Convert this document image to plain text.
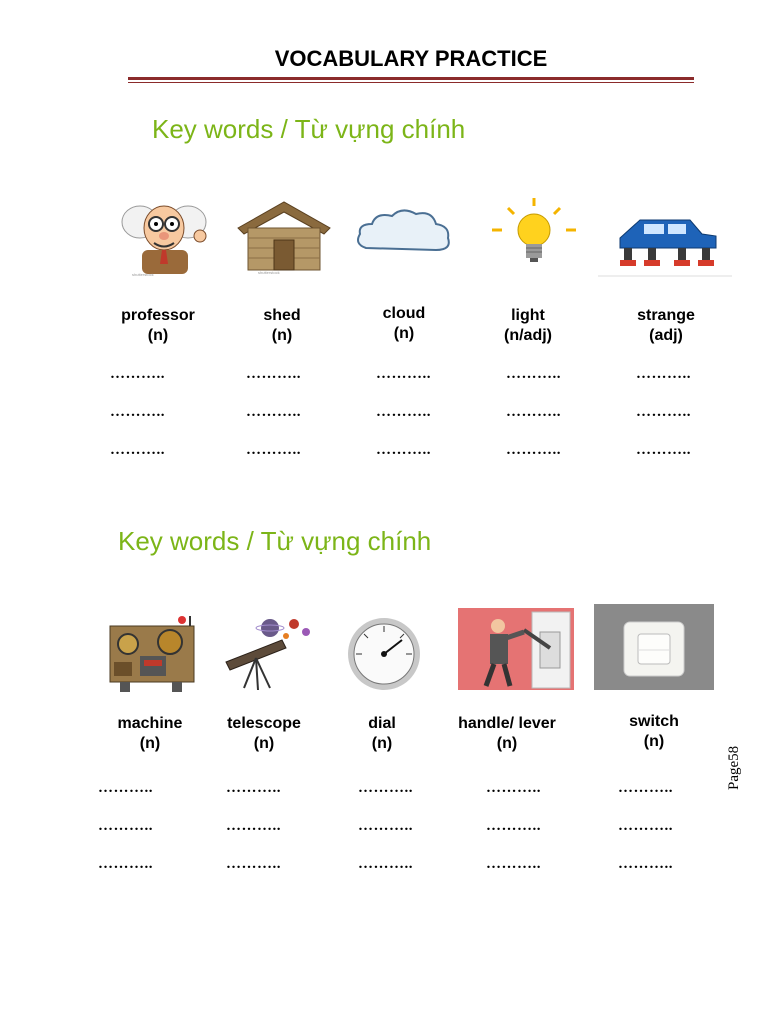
VOCABULARY PRACTICE
Key words / Từ vựng chính
shutterstock	shutterstock
professor
(n)
shed
(n)
cloud
(n)
light
(n/adj)
strange
(adj)
………..	………..	………..	………..	………..
………..	………..	………..	………..	………..
………..	………..	………..	………..	………..
Key words / Từ vựng chính
machine
(n)
telescope
(n)
dial
(n)
handle/ lever
(n)
switch
(n)
………..	………..	………..	………..	………..
………..	………..	………..	………..	………..
………..	………..	………..	………..	………..
Page58
